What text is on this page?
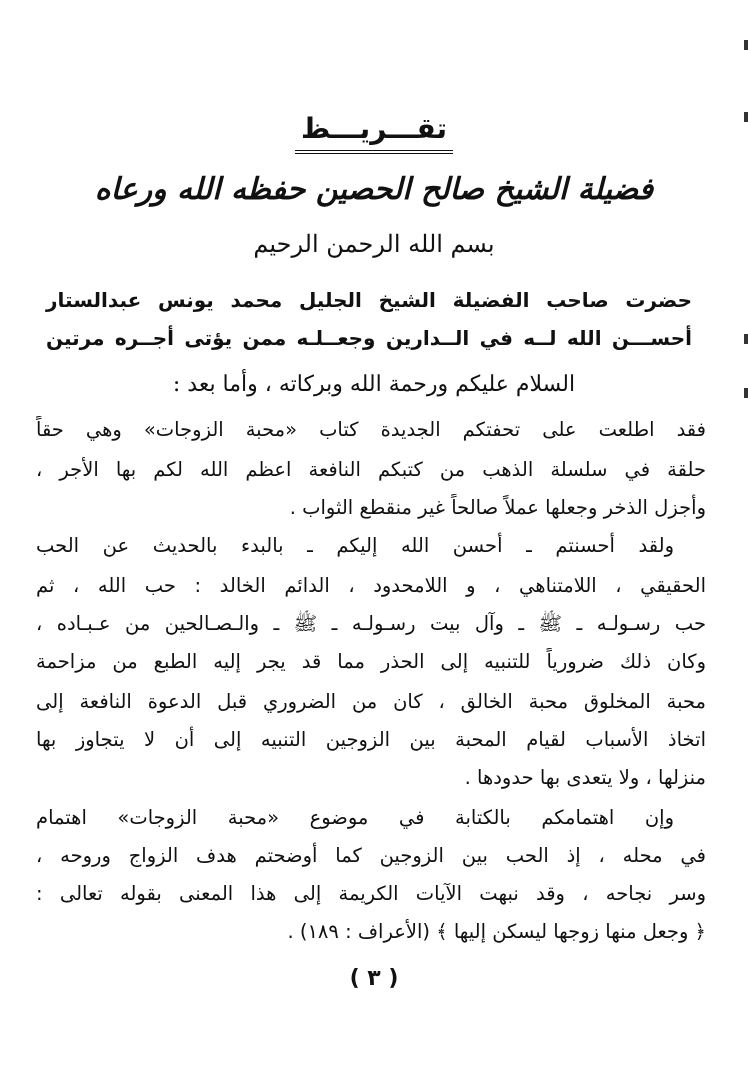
تقـــريـــظ
فضيلة الشيخ صالح الحصين حفظه الله ورعاه
بسم الله الرحمن الرحيم
حضرت صاحب الفضيلة الشيخ الجليل محمد يونس عبدالستار
أحســـن الله لــه في الــدارين وجعــلـه ممن يؤتى أجــره مرتين
السلام عليكم ورحمة الله وبركاته ، وأما بعد :
فقد اطلعت على تحفتكم الجديدة كتاب «محبة الزوجات» وهي حقاً
حلقة في سلسلة الذهب من كتبكم النافعة اعظم الله لكم بها الأجر ،
وأجزل الذخر وجعلها عملاً صالحاً غير منقطع الثواب .
ولقد أحسنتم ـ أحسن الله إليكم ـ بالبدء بالحديث عن الحب
الحقيقي ، اللامتناهي ، و اللامحدود ، الدائم الخالد : حب الله ، ثم
حب رسـولـه ـ ﷺ ـ وآل بيت رسـولـه ـ ﷺ ـ والـصـالحين من عـبـاده ،
وكان ذلك ضرورياً للتنبيه إلى الحذر مما قد يجر إليه الطبع من مزاحمة
محبة المخلوق محبة الخالق ، كان من الضروري قبل الدعوة النافعة إلى
اتخاذ الأسباب لقيام المحبة بين الزوجين التنبيه إلى أن لا يتجاوز بها
منزلها ، ولا يتعدى بها حدودها .
وإن اهتمامكم بالكتابة في موضوع «محبة الزوجات» اهتمام
في محله ، إذ الحب بين الزوجين كما أوضحتم هدف الزواج وروحه ،
وسر نجاحه ، وقد نبهت الآيات الكريمة إلى هذا المعنى بقوله تعالى :
﴿ وجعل منها زوجها ليسكن إليها ﴾ (الأعراف : ١٨٩) .
( ٣ )
